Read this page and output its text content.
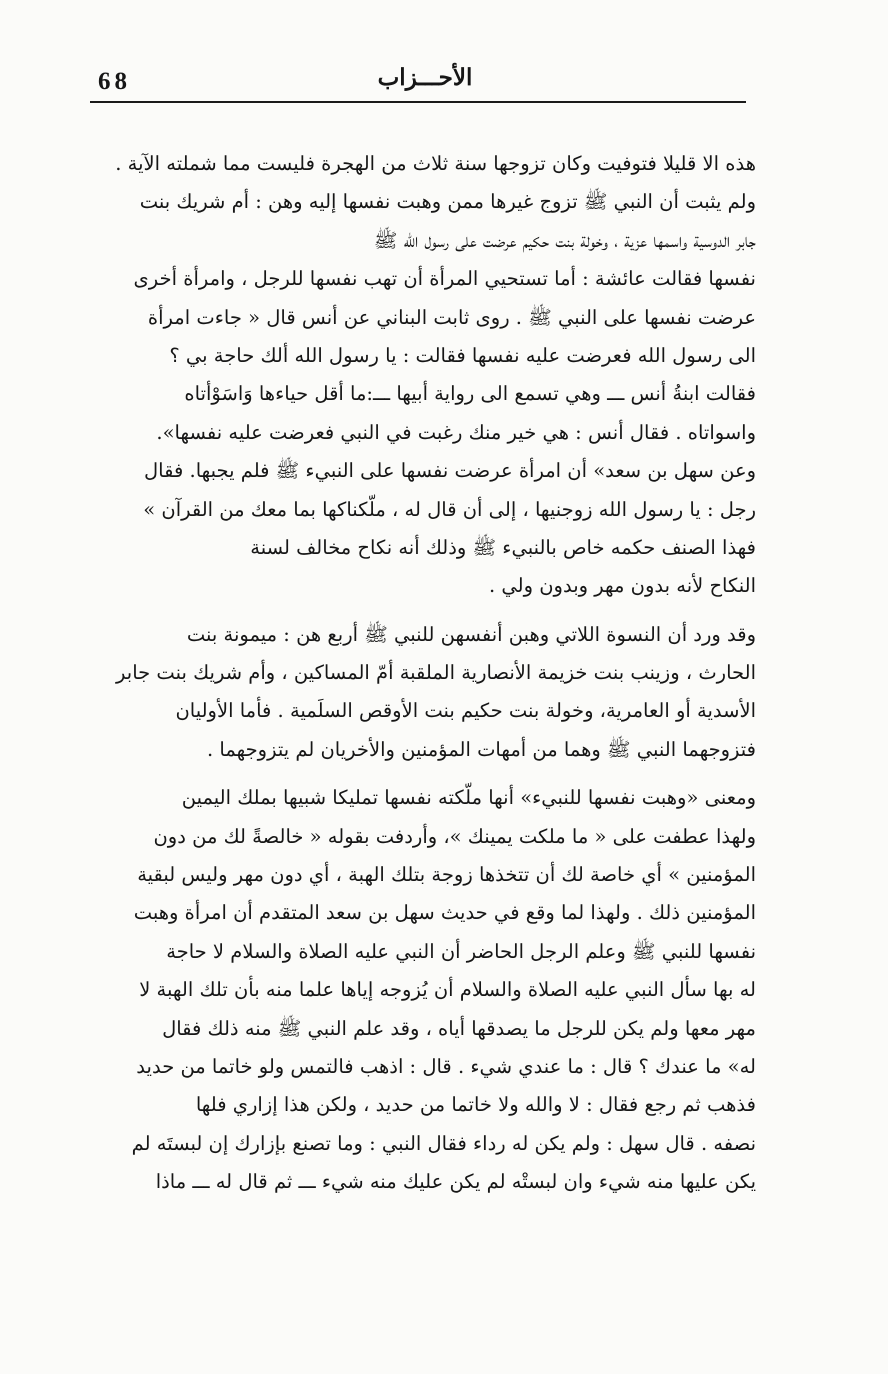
68	الأحـــزاب
هذه الا قليلا فتوفيت وكان تزوجها سنة ثلاث من الهجرة فليست مما شملته الآية .
ولم يثبت أن النبي ﷺ تزوج غيرها ممن وهبت نفسها إليه وهن : أم شريك بنت
جابر الدوسية واسمها عزية ، وخولة بنت حكيم عرضت على رسول الله ﷺ
نفسها فقالت عائشة : أما تستحيي المرأة أن تهب نفسها للرجل ، وامرأة أخرى
عرضت نفسها على النبي ﷺ . روى ثابت البناني عن أنس قال « جاءت امرأة
الى رسول الله فعرضت عليه نفسها فقالت : يا رسول الله ألك حاجة بي ؟
فقالت ابنةُ أنس ـــ وهي تسمع الى رواية أبيها ـــ:ما أقل حياءها وَاسَوْأتاه
واسواتاه . فقال أنس : هي خير منك رغبت في النبي فعرضت عليه نفسها».
وعن سهل بن سعد» أن امرأة عرضت نفسها على النبيء ﷺ فلم يجبها. فقال
رجل : يا رسول الله زوجنيها ، إلى أن قال له ، ملّكناكها بما معك من القرآن »
فهذا الصنف حكمه خاص بالنبيء ﷺ وذلك أنه نكاح مخالف لسنة
النكاح لأنه بدون مهر وبدون ولي .
وقد ورد أن النسوة اللاتي وهبن أنفسهن للنبي ﷺ أربع هن : ميمونة بنت
الحارث ، وزينب بنت خزيمة الأنصارية الملقبة أمّ المساكين ، وأم شريك بنت جابر
الأسدية أو العامرية، وخولة بنت حكيم بنت الأوقص السلَمية . فأما الأوليان
فتزوجهما النبي ﷺ وهما من أمهات المؤمنين والأخريان لم يتزوجهما .
ومعنى «وهبت نفسها للنبيء» أنها ملّكته نفسها تمليكا شبيها بملك اليمين
ولهذا عطفت على « ما ملكت يمينك »، وأردفت بقوله « خالصةً لك من دون
المؤمنين » أي خاصة لك أن تتخذها زوجة بتلك الهبة ، أي دون مهر وليس لبقية
المؤمنين ذلك . ولهذا لما وقع في حديث سهل بن سعد المتقدم أن امرأة وهبت
نفسها للنبي ﷺ وعلم الرجل الحاضر أن النبي عليه الصلاة والسلام لا حاجة
له بها سأل النبي عليه الصلاة والسلام أن يُزوجه إياها علما منه بأن تلك الهبة لا
مهر معها ولم يكن للرجل ما يصدقها أياه ، وقد علم النبي ﷺ منه ذلك فقال
له» ما عندك ؟ قال : ما عندي شيء . قال : اذهب فالتمس ولو خاتما من حديد
فذهب ثم رجع فقال : لا والله ولا خاتما من حديد ، ولكن هذا إزاري فلها
نصفه . قال سهل : ولم يكن له رداء فقال النبي : وما تصنع بإزارك إن لبستَه لم
يكن عليها منه شيء وان لبستْه لم يكن عليك منه شيء ـــ ثم قال له ـــ ماذا
